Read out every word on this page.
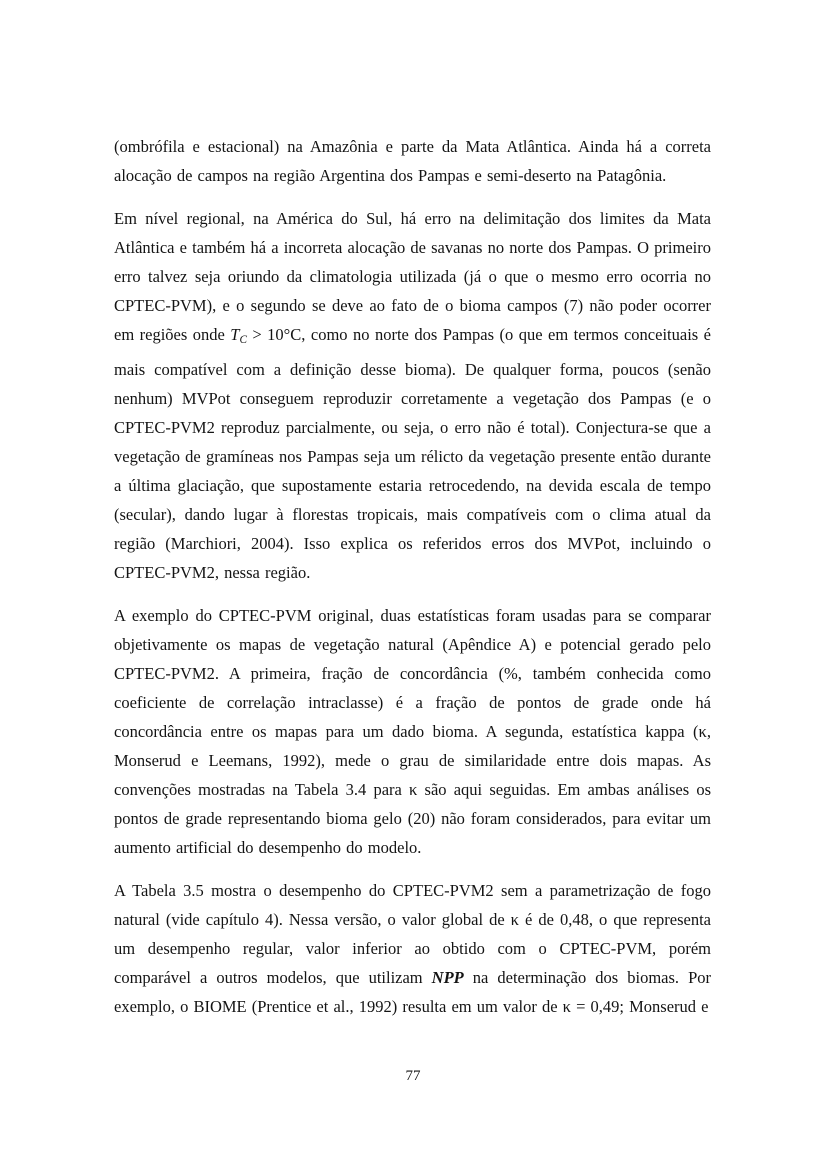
(ombrófila e estacional) na Amazônia e parte da Mata Atlântica. Ainda há a correta alocação de campos na região Argentina dos Pampas e semi-deserto na Patagônia.

Em nível regional, na América do Sul, há erro na delimitação dos limites da Mata Atlântica e também há a incorreta alocação de savanas no norte dos Pampas. O primeiro erro talvez seja oriundo da climatologia utilizada (já o que o mesmo erro ocorria no CPTEC-PVM), e o segundo se deve ao fato de o bioma campos (7) não poder ocorrer em regiões onde TC > 10°C, como no norte dos Pampas (o que em termos conceituais é mais compatível com a definição desse bioma). De qualquer forma, poucos (senão nenhum) MVPot conseguem reproduzir corretamente a vegetação dos Pampas (e o CPTEC-PVM2 reproduz parcialmente, ou seja, o erro não é total). Conjectura-se que a vegetação de gramíneas nos Pampas seja um rélicto da vegetação presente então durante a última glaciação, que supostamente estaria retrocedendo, na devida escala de tempo (secular), dando lugar à florestas tropicais, mais compatíveis com o clima atual da região (Marchiori, 2004). Isso explica os referidos erros dos MVPot, incluindo o CPTEC-PVM2, nessa região.

A exemplo do CPTEC-PVM original, duas estatísticas foram usadas para se comparar objetivamente os mapas de vegetação natural (Apêndice A) e potencial gerado pelo CPTEC-PVM2. A primeira, fração de concordância (%, também conhecida como coeficiente de correlação intraclasse) é a fração de pontos de grade onde há concordância entre os mapas para um dado bioma. A segunda, estatística kappa (κ, Monserud e Leemans, 1992), mede o grau de similaridade entre dois mapas. As convenções mostradas na Tabela 3.4 para κ são aqui seguidas. Em ambas análises os pontos de grade representando bioma gelo (20) não foram considerados, para evitar um aumento artificial do desempenho do modelo.

A Tabela 3.5 mostra o desempenho do CPTEC-PVM2 sem a parametrização de fogo natural (vide capítulo 4). Nessa versão, o valor global de κ é de 0,48, o que representa um desempenho regular, valor inferior ao obtido com o CPTEC-PVM, porém comparável a outros modelos, que utilizam NPP na determinação dos biomas. Por exemplo, o BIOME (Prentice et al., 1992) resulta em um valor de κ = 0,49; Monserud e

77
